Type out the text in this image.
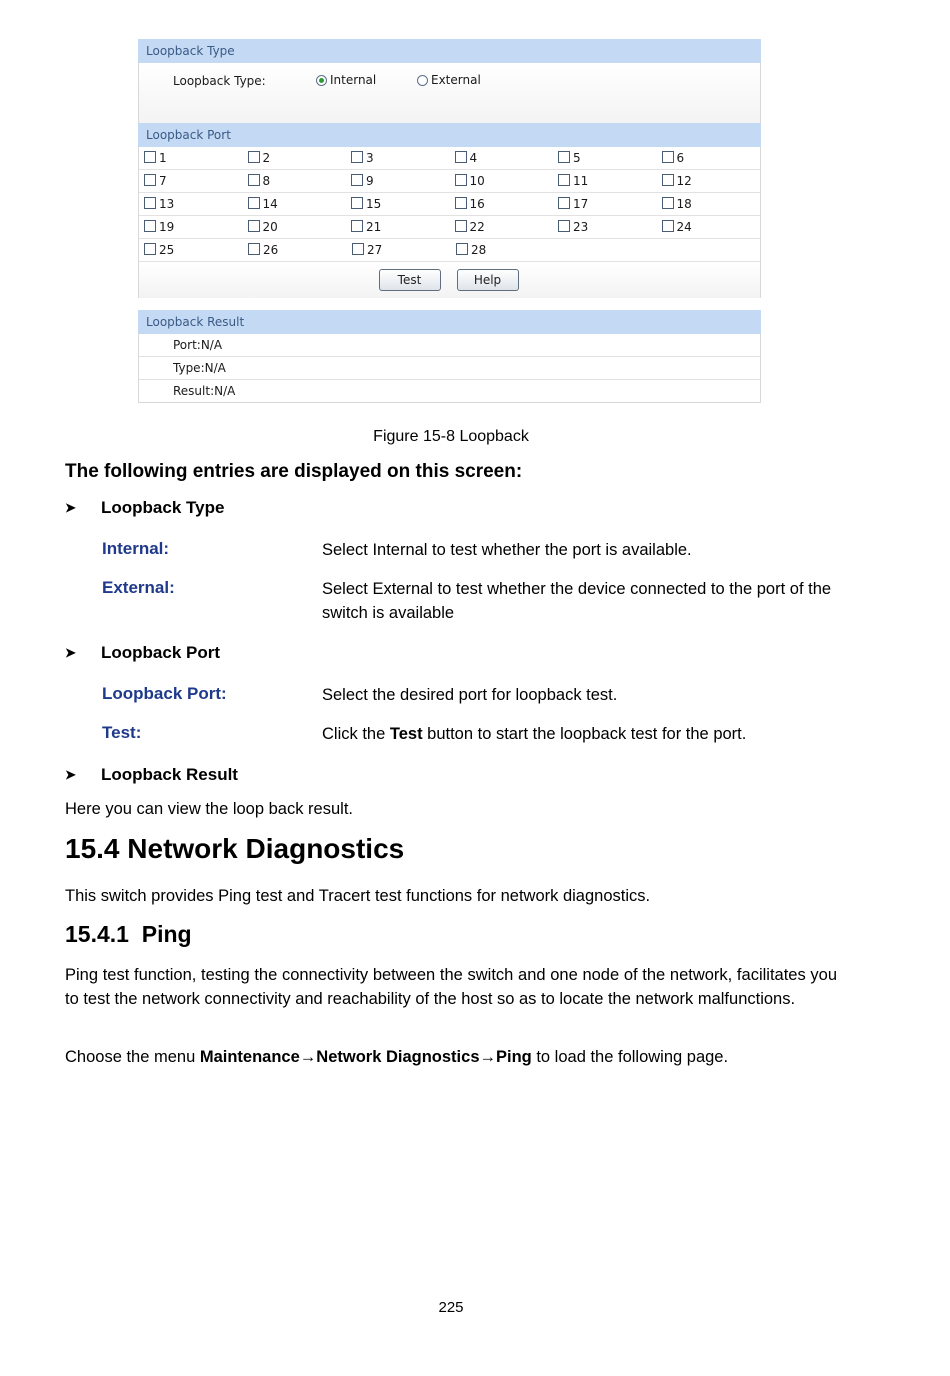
Loopback Type
Loopback Type:	Internal	External
Loopback Port
1	2	3	4	5	6
7	8	9	10	11	12
13	14	15	16	17	18
19	20	21	22	23	24
25	26	27	28
Test	Help
Loopback Result
Port:N/A
Type:N/A
Result:N/A
Figure 15-8 Loopback
The following entries are displayed on this screen:
➤	Loopback Type
Internal:	Select Internal to test whether the port is available.
External:	Select External to test whether the device connected to the port of the switch is available
➤	Loopback Port
Loopback Port:	Select the desired port for loopback test.
Test:	Click the Test button to start the loopback test for the port.
➤	Loopback Result
Here you can view the loop back result.
15.4 Network Diagnostics
This switch provides Ping test and Tracert test functions for network diagnostics.
15.4.1  Ping
Ping test function, testing the connectivity between the switch and one node of the network, facilitates you to test the network connectivity and reachability of the host so as to locate the network malfunctions.
Choose the menu Maintenance→Network Diagnostics→Ping to load the following page.
225
